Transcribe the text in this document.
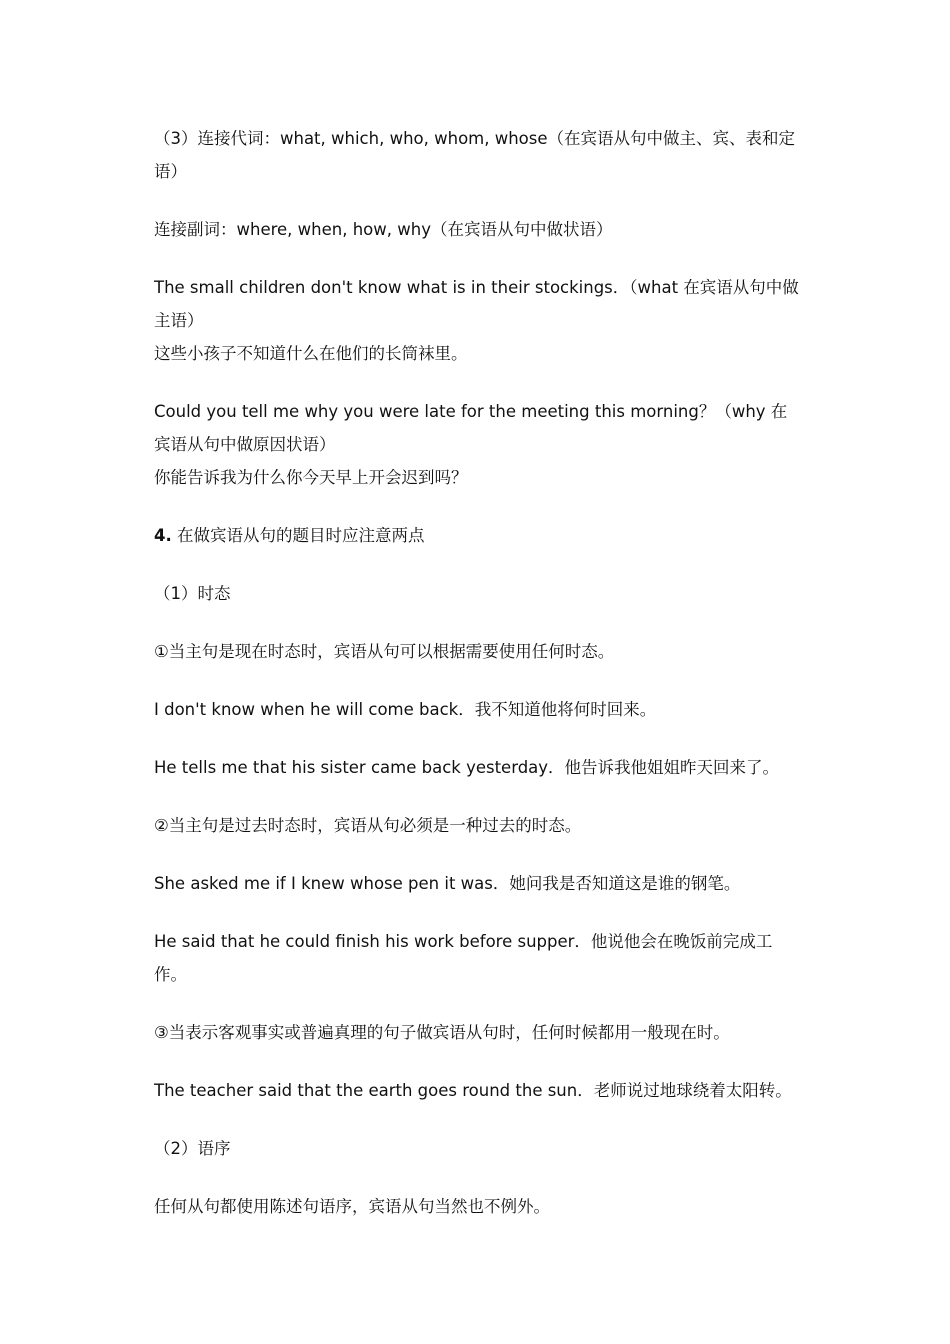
（3）连接代词：what, which, who, whom, whose（在宾语从句中做主、宾、表和定语）

连接副词：where, when, how, why（在宾语从句中做状语）

The small children don't know what is in their stockings．（what 在宾语从句中做主语）

这些小孩子不知道什么在他们的长筒袜里。

Could you tell me why you were late for the meeting this morning？（why 在宾语从句中做原因状语）

你能告诉我为什么你今天早上开会迟到吗？

4. 在做宾语从句的题目时应注意两点

（1）时态

①当主句是现在时态时，宾语从句可以根据需要使用任何时态。

I don't know when he will come back．我不知道他将何时回来。

He tells me that his sister came back yesterday．他告诉我他姐姐昨天回来了。

②当主句是过去时态时，宾语从句必须是一种过去的时态。

She asked me if I knew whose pen it was．她问我是否知道这是谁的钢笔。

He said that he could finish his work before supper．他说他会在晚饭前完成工作。

③当表示客观事实或普遍真理的句子做宾语从句时，任何时候都用一般现在时。

The teacher said that the earth goes round the sun．老师说过地球绕着太阳转。

（2）语序

任何从句都使用陈述句语序，宾语从句当然也不例外。
